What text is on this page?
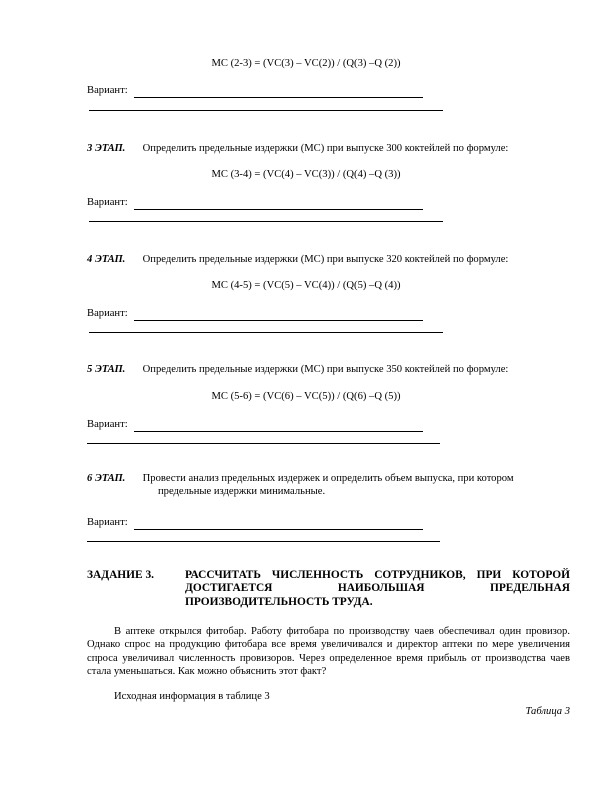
MC (2-3) = (VC(3) – VC(2)) / (Q(3) –Q (2))
Вариант:
3 ЭТАП. Определить предельные издержки (МС) при выпуске 300 коктейлей по формуле:
MC (3-4) = (VC(4) – VC(3)) / (Q(4) –Q (3))
Вариант:
4 ЭТАП. Определить предельные издержки (МС) при выпуске 320 коктейлей по формуле:
MC (4-5) = (VC(5) – VC(4)) / (Q(5) –Q (4))
Вариант:
5 ЭТАП. Определить предельные издержки (МС) при выпуске 350 коктейлей по формуле:
MC (5-6) = (VC(6) – VC(5)) / (Q(6) –Q (5))
Вариант:
6 ЭТАП. Провести анализ предельных издержек и определить объем выпуска, при котором
предельные издержки минимальные.
Вариант:
ЗАДАНИЕ 3.	РАССЧИТАТЬ ЧИСЛЕННОСТЬ СОТРУДНИКОВ, ПРИ КОТОРОЙ
ДОСТИГАЕТСЯ НАИБОЛЬШАЯ ПРЕДЕЛЬНАЯ
ПРОИЗВОДИТЕЛЬНОСТЬ ТРУДА.
В аптеке открылся фитобар. Работу фитобара по производству чаев обеспечивал один провизор. Однако спрос на продукцию фитобара все время увеличивался и директор аптеки по мере увеличения спроса увеличивал численность провизоров. Через определенное время прибыль от производства чаев стала уменьшаться. Как можно объяснить этот факт?
Исходная информация в таблице 3
Таблица 3
